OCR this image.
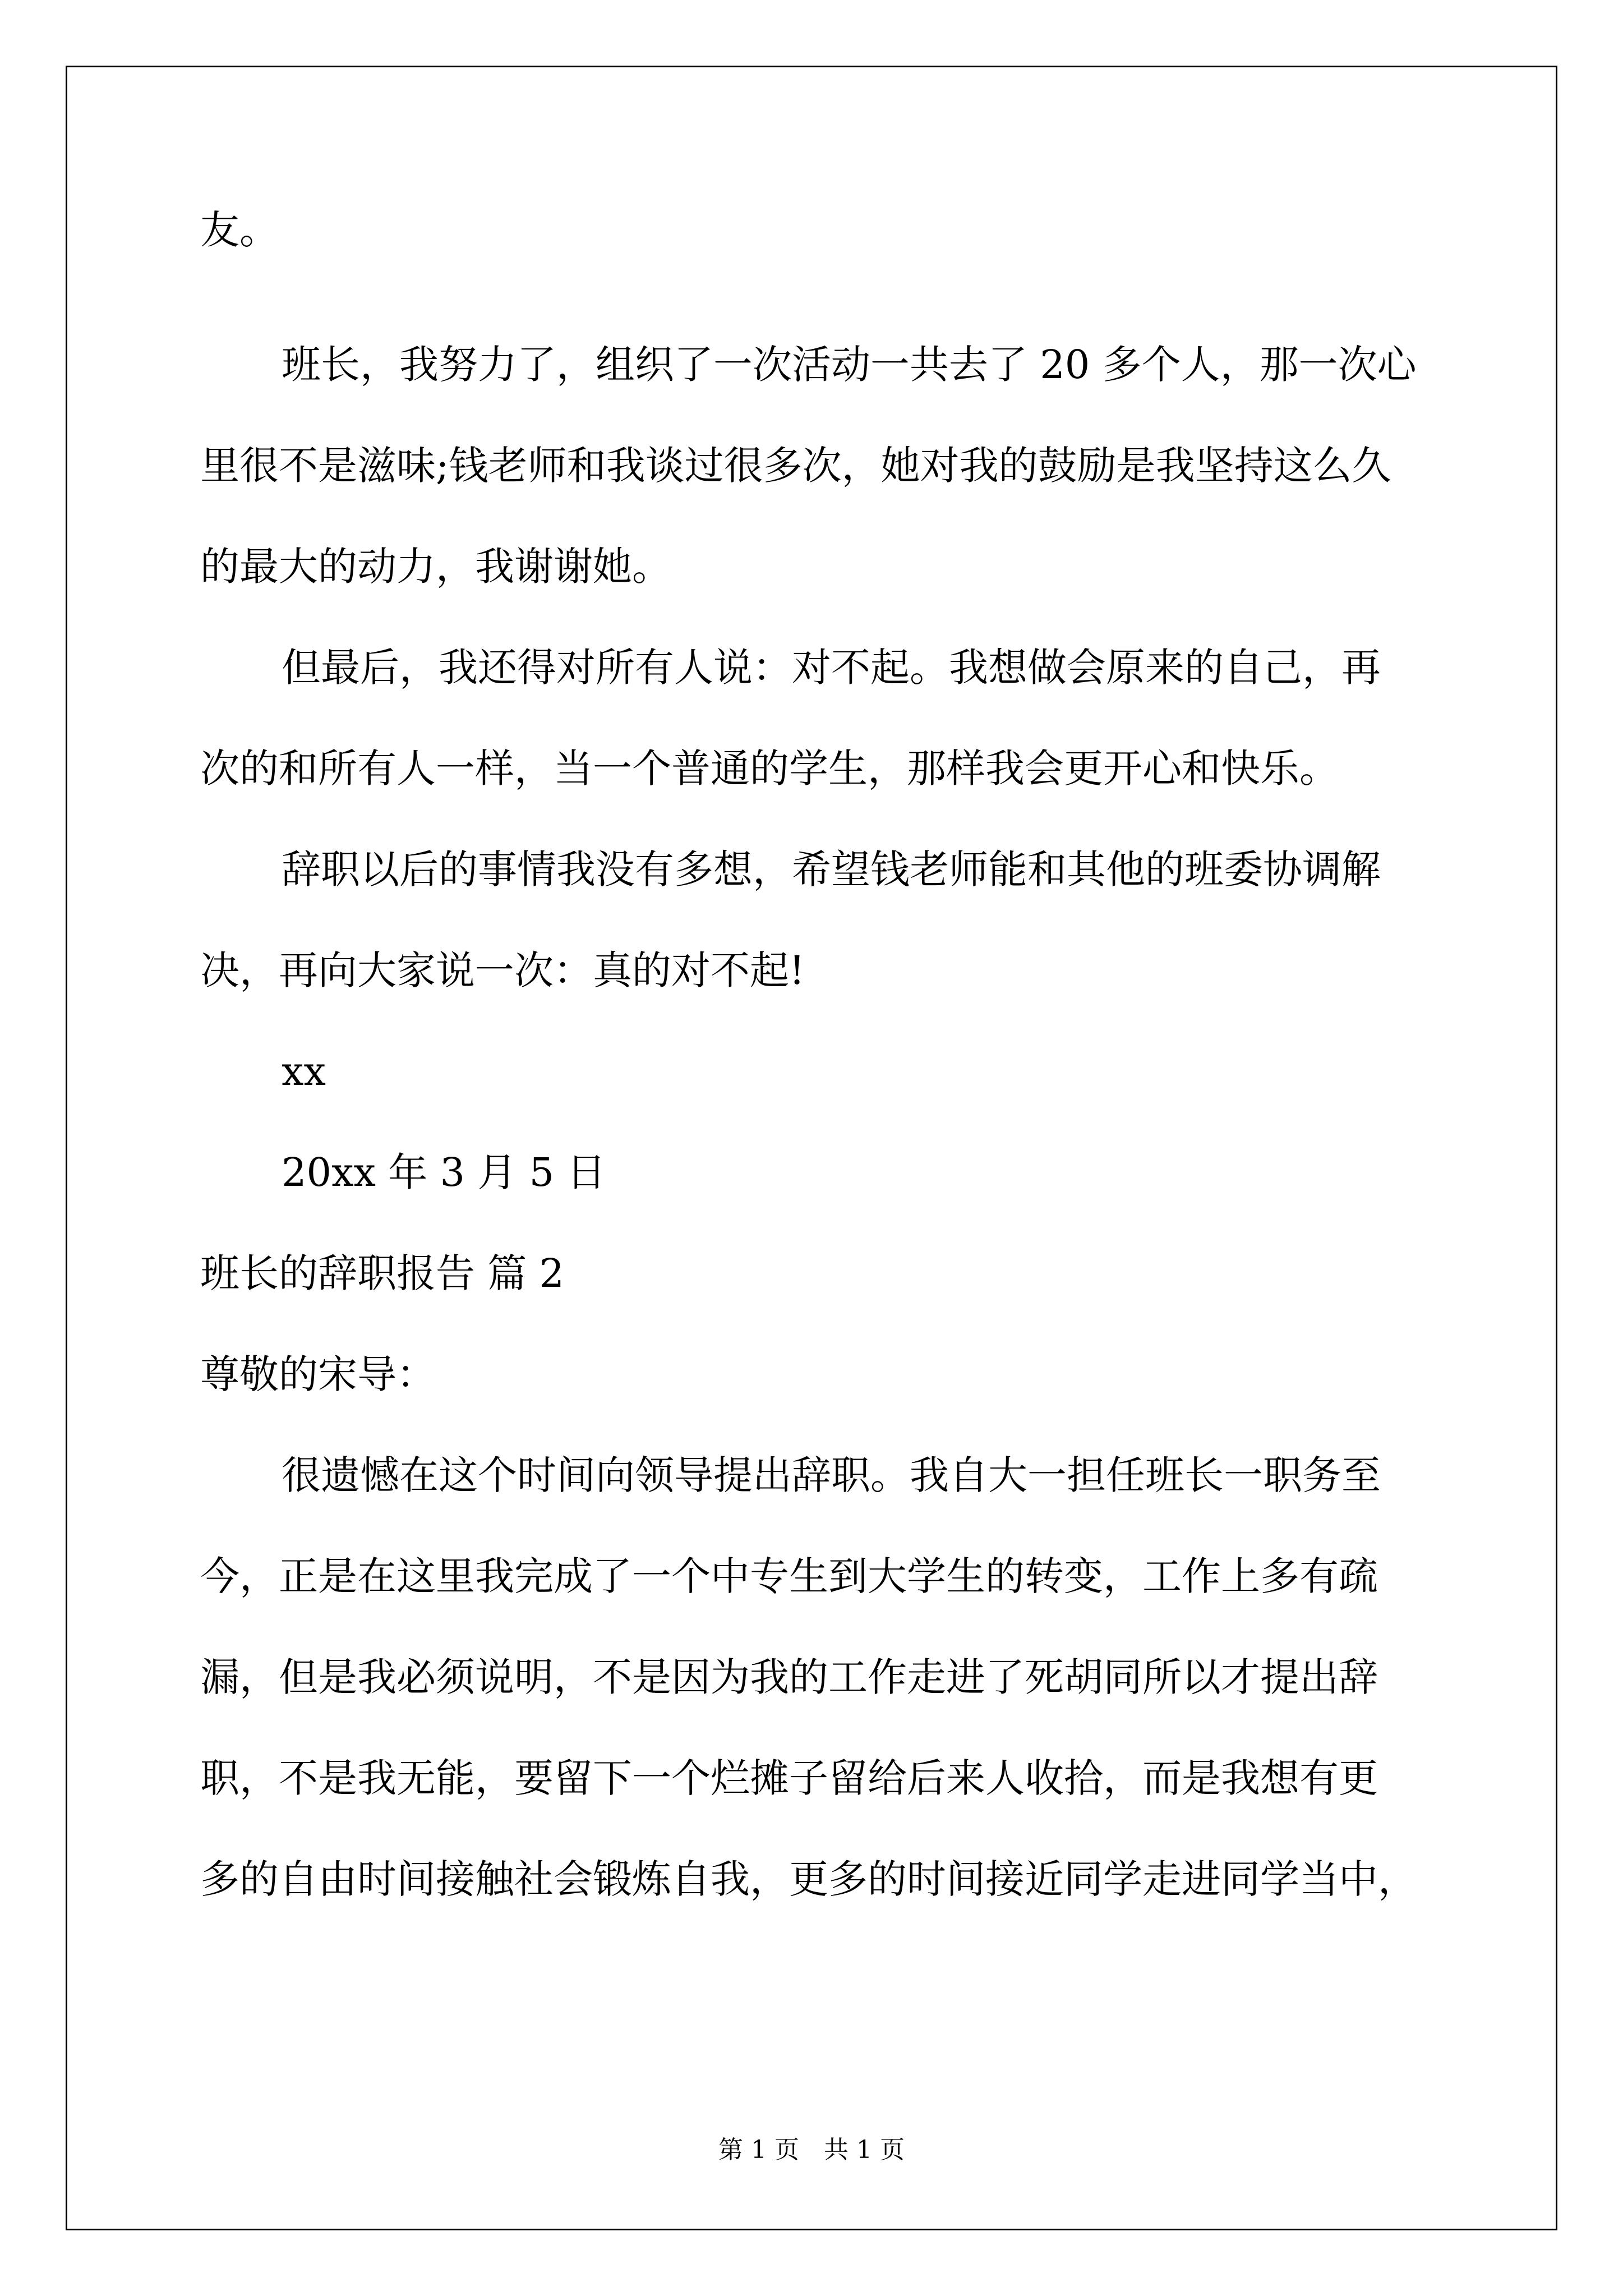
友。
班长，我努力了，组织了一次活动一共去了 20 多个人，那一次心
里很不是滋味;钱老师和我谈过很多次，她对我的鼓励是我坚持这么久
的最大的动力，我谢谢她。
但最后，我还得对所有人说：对不起。我想做会原来的自己，再
次的和所有人一样，当一个普通的学生，那样我会更开心和快乐。
辞职以后的事情我没有多想，希望钱老师能和其他的班委协调解
决，再向大家说一次：真的对不起!
xx
20xx 年 3 月 5 日
班长的辞职报告 篇 2
尊敬的宋导：
很遗憾在这个时间向领导提出辞职。我自大一担任班长一职务至
今，正是在这里我完成了一个中专生到大学生的转变，工作上多有疏
漏，但是我必须说明，不是因为我的工作走进了死胡同所以才提出辞
职，不是我无能，要留下一个烂摊子留给后来人收拾，而是我想有更
多的自由时间接触社会锻炼自我，更多的时间接近同学走进同学当中，
第 1 页　共 1 页
